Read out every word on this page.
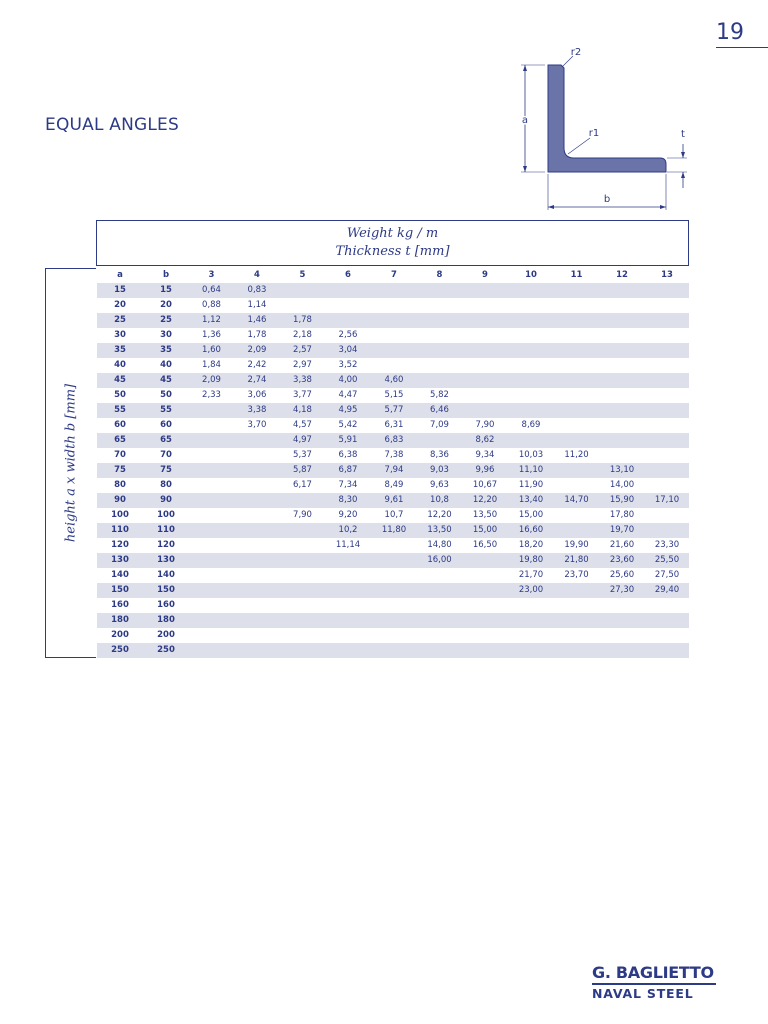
19
EQUAL ANGLES	a
b
t
r1
r2
Weight kg / m
Thickness t [mm]
height a x width b [mm]
a	b	3	4	5	6	7	8	9	10	11	12	13
15	15	0,64	0,83									
20	20	0,88	1,14									
25	25	1,12	1,46	1,78								
30	30	1,36	1,78	2,18	2,56							
35	35	1,60	2,09	2,57	3,04							
40	40	1,84	2,42	2,97	3,52							
45	45	2,09	2,74	3,38	4,00	4,60						
50	50	2,33	3,06	3,77	4,47	5,15	5,82					
55	55		3,38	4,18	4,95	5,77	6,46					
60	60		3,70	4,57	5,42	6,31	7,09	7,90	8,69			
65	65			4,97	5,91	6,83		8,62				
70	70			5,37	6,38	7,38	8,36	9,34	10,03	11,20		
75	75			5,87	6,87	7,94	9,03	9,96	11,10		13,10	
80	80			6,17	7,34	8,49	9,63	10,67	11,90		14,00	
90	90				8,30	9,61	10,8	12,20	13,40	14,70	15,90	17,10
100	100			7,90	9,20	10,7	12,20	13,50	15,00		17,80	
110	110				10,2	11,80	13,50	15,00	16,60		19,70	
120	120				11,14		14,80	16,50	18,20	19,90	21,60	23,30
130	130						16,00		19,80	21,80	23,60	25,50
140	140								21,70	23,70	25,60	27,50
150	150								23,00		27,30	29,40
160	160											
180	180											
200	200											
250	250											
G. BAGLIETTO
NAVAL STEEL
